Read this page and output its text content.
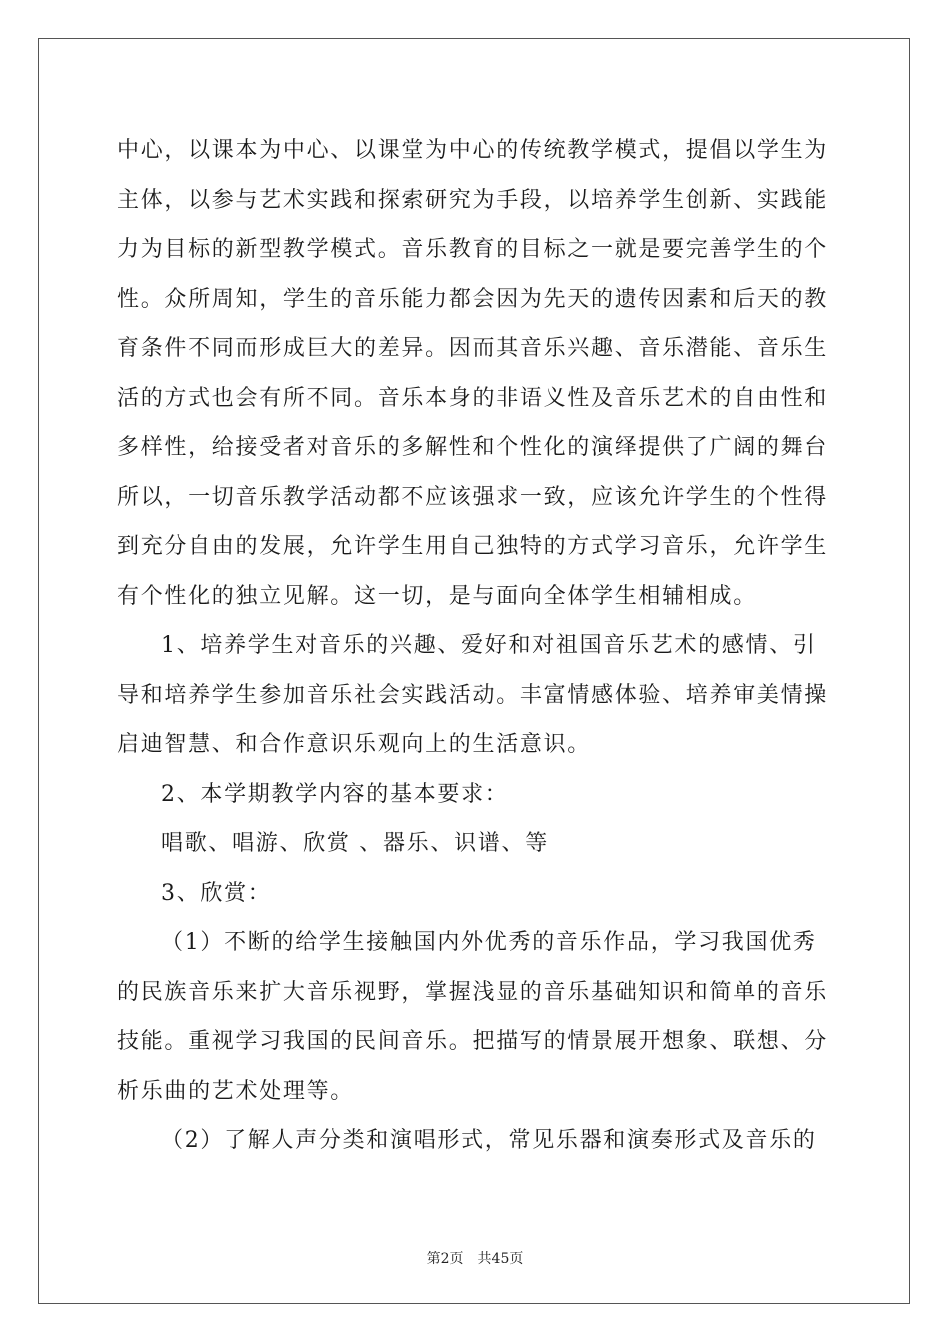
中心，以课本为中心、以课堂为中心的传统教学模式，提倡以学生为
主体，以参与艺术实践和探索研究为手段，以培养学生创新、实践能
力为目标的新型教学模式。音乐教育的目标之一就是要完善学生的个
性。众所周知，学生的音乐能力都会因为先天的遗传因素和后天的教
育条件不同而形成巨大的差异。因而其音乐兴趣、音乐潜能、音乐生
活的方式也会有所不同。音乐本身的非语义性及音乐艺术的自由性和
多样性，给接受者对音乐的多解性和个性化的演绎提供了广阔的舞台
所以，一切音乐教学活动都不应该强求一致，应该允许学生的个性得
到充分自由的发展，允许学生用自己独特的方式学习音乐，允许学生
有个性化的独立见解。这一切，是与面向全体学生相辅相成。
1、培养学生对音乐的兴趣、爱好和对祖国音乐艺术的感情、引
导和培养学生参加音乐社会实践活动。丰富情感体验、培养审美情操
启迪智慧、和合作意识乐观向上的生活意识。
2、本学期教学内容的基本要求：
唱歌、唱游、欣赏 、器乐、识谱、等
3、欣赏：
（1）不断的给学生接触国内外优秀的音乐作品，学习我国优秀
的民族音乐来扩大音乐视野，掌握浅显的音乐基础知识和简单的音乐
技能。重视学习我国的民间音乐。把描写的情景展开想象、联想、分
析乐曲的艺术处理等。
（2）了解人声分类和演唱形式，常见乐器和演奏形式及音乐的
第2页　共45页
